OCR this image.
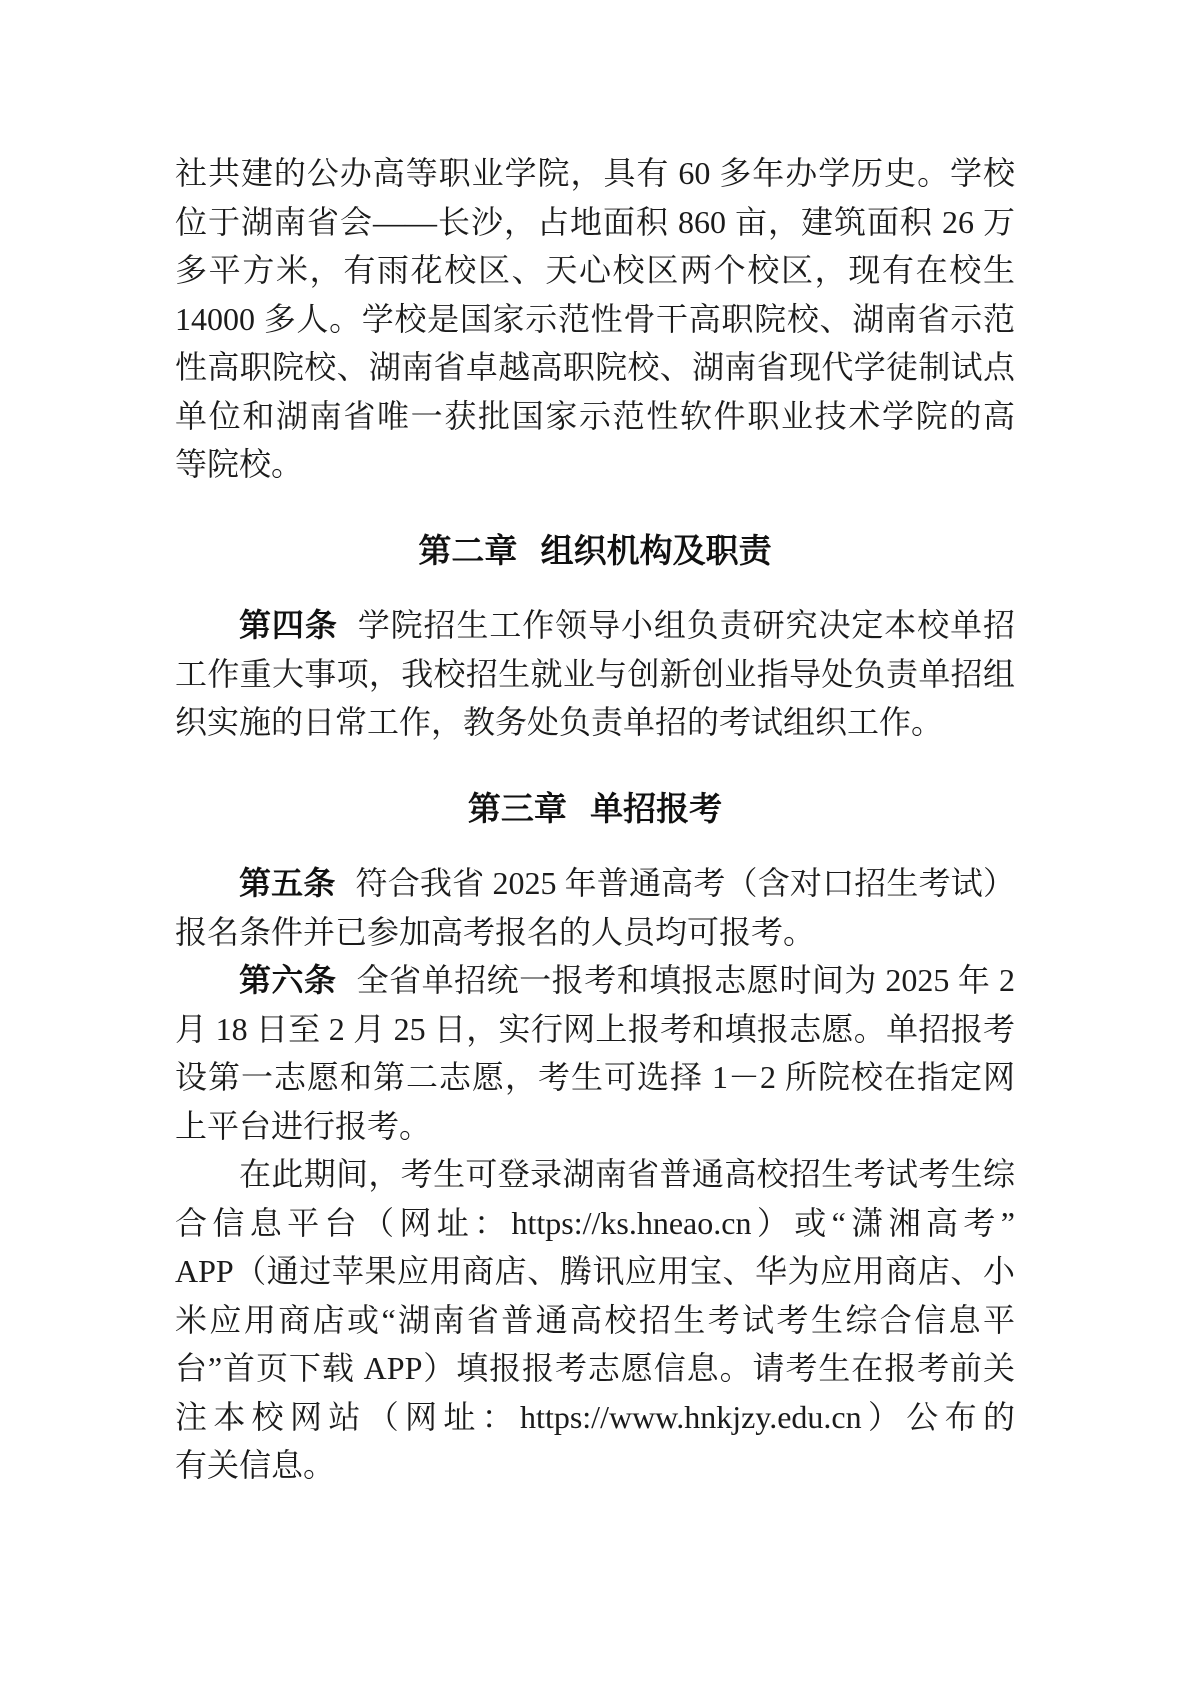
社共建的公办高等职业学院，具有 60 多年办学历史。学校
位于湖南省会——长沙，占地面积 860 亩，建筑面积 26 万
多平方米，有雨花校区、天心校区两个校区，现有在校生
14000 多人。学校是国家示范性骨干高职院校、湖南省示范
性高职院校、湖南省卓越高职院校、湖南省现代学徒制试点
单位和湖南省唯一获批国家示范性软件职业技术学院的高
等院校。
第二章 组织机构及职责
第四条 学院招生工作领导小组负责研究决定本校单招
工作重大事项，我校招生就业与创新创业指导处负责单招组
织实施的日常工作，教务处负责单招的考试组织工作。
第三章 单招报考
第五条 符合我省 2025 年普通高考（含对口招生考试）
报名条件并已参加高考报名的人员均可报考。
第六条 全省单招统一报考和填报志愿时间为 2025 年 2
月 18 日至 2 月 25 日，实行网上报考和填报志愿。单招报考
设第一志愿和第二志愿，考生可选择 1－2 所院校在指定网
上平台进行报考。
在此期间，考生可登录湖南省普通高校招生考试考生综
合信息平台（网址：https://ks.hneao.cn）或“潇湘高考”
APP（通过苹果应用商店、腾讯应用宝、华为应用商店、小
米应用商店或“湖南省普通高校招生考试考生综合信息平
台”首页下载 APP）填报报考志愿信息。请考生在报考前关
注本校网站（网址：https://www.hnkjzy.edu.cn）公布的
有关信息。
